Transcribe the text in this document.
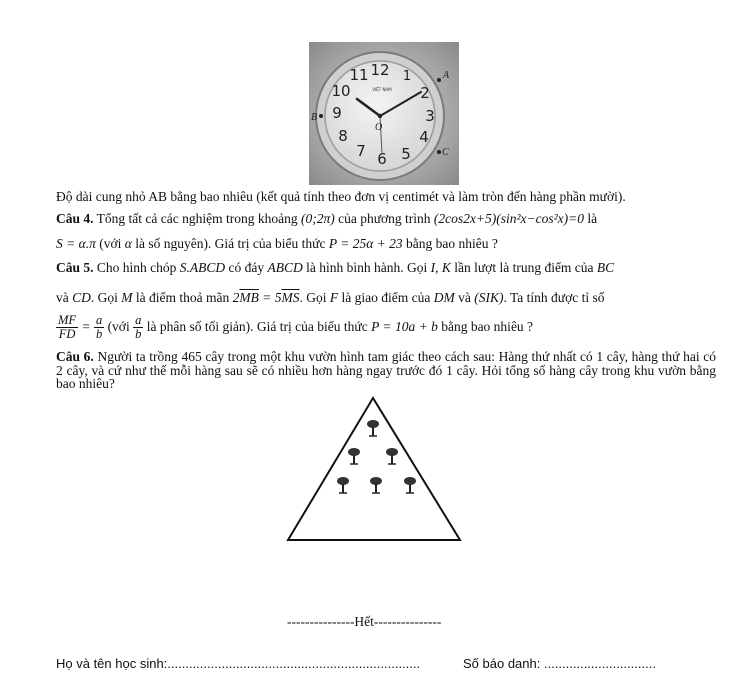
12 1
2
3
4
5
6
7
8
9
10
11
VIỆT NAM
A
B
C
O
Độ dài cung nhỏ AB bằng bao nhiêu (kết quả tính theo đơn vị centimét và làm tròn đến hàng phần mười).
Câu 4. Tổng tất cả các nghiệm trong khoảng (0;2π) của phương trình (2cos2x+5)(sin²x−cos²x)=0 là
S = α.π (với α là số nguyên). Giá trị của biểu thức P = 25α + 23 bằng bao nhiêu ?
Câu 5. Cho hình chóp S.ABCD có đáy ABCD là hình bình hành. Gọi I, K lần lượt là trung điểm của BC
và CD. Gọi M là điểm thoả mãn $2\overline{MB} = 5\overline{MS}$. Gọi F là giao điểm của DM và (SIK). Ta tính được tỉ số
$\frac{MF}{FD} = \frac{a}{b}$ (với $\frac{a}{b}$ là phân số tối giản). Giá trị của biểu thức P = 10a + b bằng bao nhiêu ?
Câu 6. Người ta trồng 465 cây trong một khu vườn hình tam giác theo cách sau: Hàng thứ nhất có 1 cây, hàng thứ hai có 2 cây, và cứ như thế mỗi hàng sau sẽ có nhiều hơn hàng ngay trước đó 1 cây. Hỏi tổng số hàng cây trong khu vườn bằng bao nhiêu?
---------------Hết---------------
Họ và tên học sinh:......................................................................	Số báo danh: ...............................
